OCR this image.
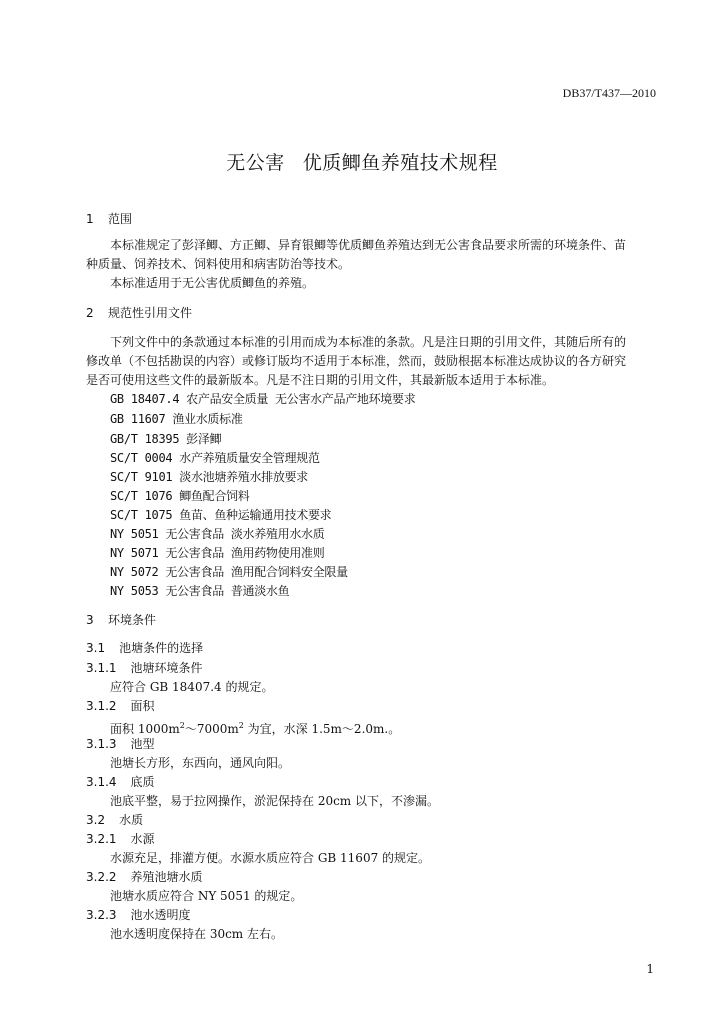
DB37/T437—2010
无公害 优质鲫鱼养殖技术规程
1 范围
本标准规定了彭泽鲫、方正鲫、异育银鲫等优质鲫鱼养殖达到无公害食品要求所需的环境条件、苗
种质量、饲养技术、饲料使用和病害防治等技术。
本标准适用于无公害优质鲫鱼的养殖。
2 规范性引用文件
下列文件中的条款通过本标准的引用而成为本标准的条款。凡是注日期的引用文件，其随后所有的
修改单（不包括勘误的内容）或修订版均不适用于本标准，然而，鼓励根据本标准达成协议的各方研究
是否可使用这些文件的最新版本。凡是不注日期的引用文件，其最新版本适用于本标准。
GB 18407.4 农产品安全质量 无公害水产品产地环境要求
GB 11607 渔业水质标准
GB/T 18395 彭泽鲫
SC/T 0004 水产养殖质量安全管理规范
SC/T 9101 淡水池塘养殖水排放要求
SC/T 1076 鲫鱼配合饲料
SC/T 1075 鱼苗、鱼种运输通用技术要求
NY 5051 无公害食品 淡水养殖用水水质
NY 5071 无公害食品 渔用药物使用准则
NY 5072 无公害食品 渔用配合饲料安全限量
NY 5053 无公害食品 普通淡水鱼
3 环境条件
3.1 池塘条件的选择
3.1.1 池塘环境条件
应符合 GB 18407.4 的规定。
3.1.2 面积
面积 $1000m^2\sim 7000m^2$ 为宜，水深 1.5m～2.0m.。
3.1.3 池型
池塘长方形，东西向，通风向阳。
3.1.4 底质
池底平整，易于拉网操作，淤泥保持在 20cm 以下，不渗漏。
3.2 水质
3.2.1 水源
水源充足，排灌方便。水源水质应符合 GB 11607 的规定。
3.2.2 养殖池塘水质
池塘水质应符合 NY 5051 的规定。
3.2.3 池水透明度
池水透明度保持在 30cm 左右。
1
